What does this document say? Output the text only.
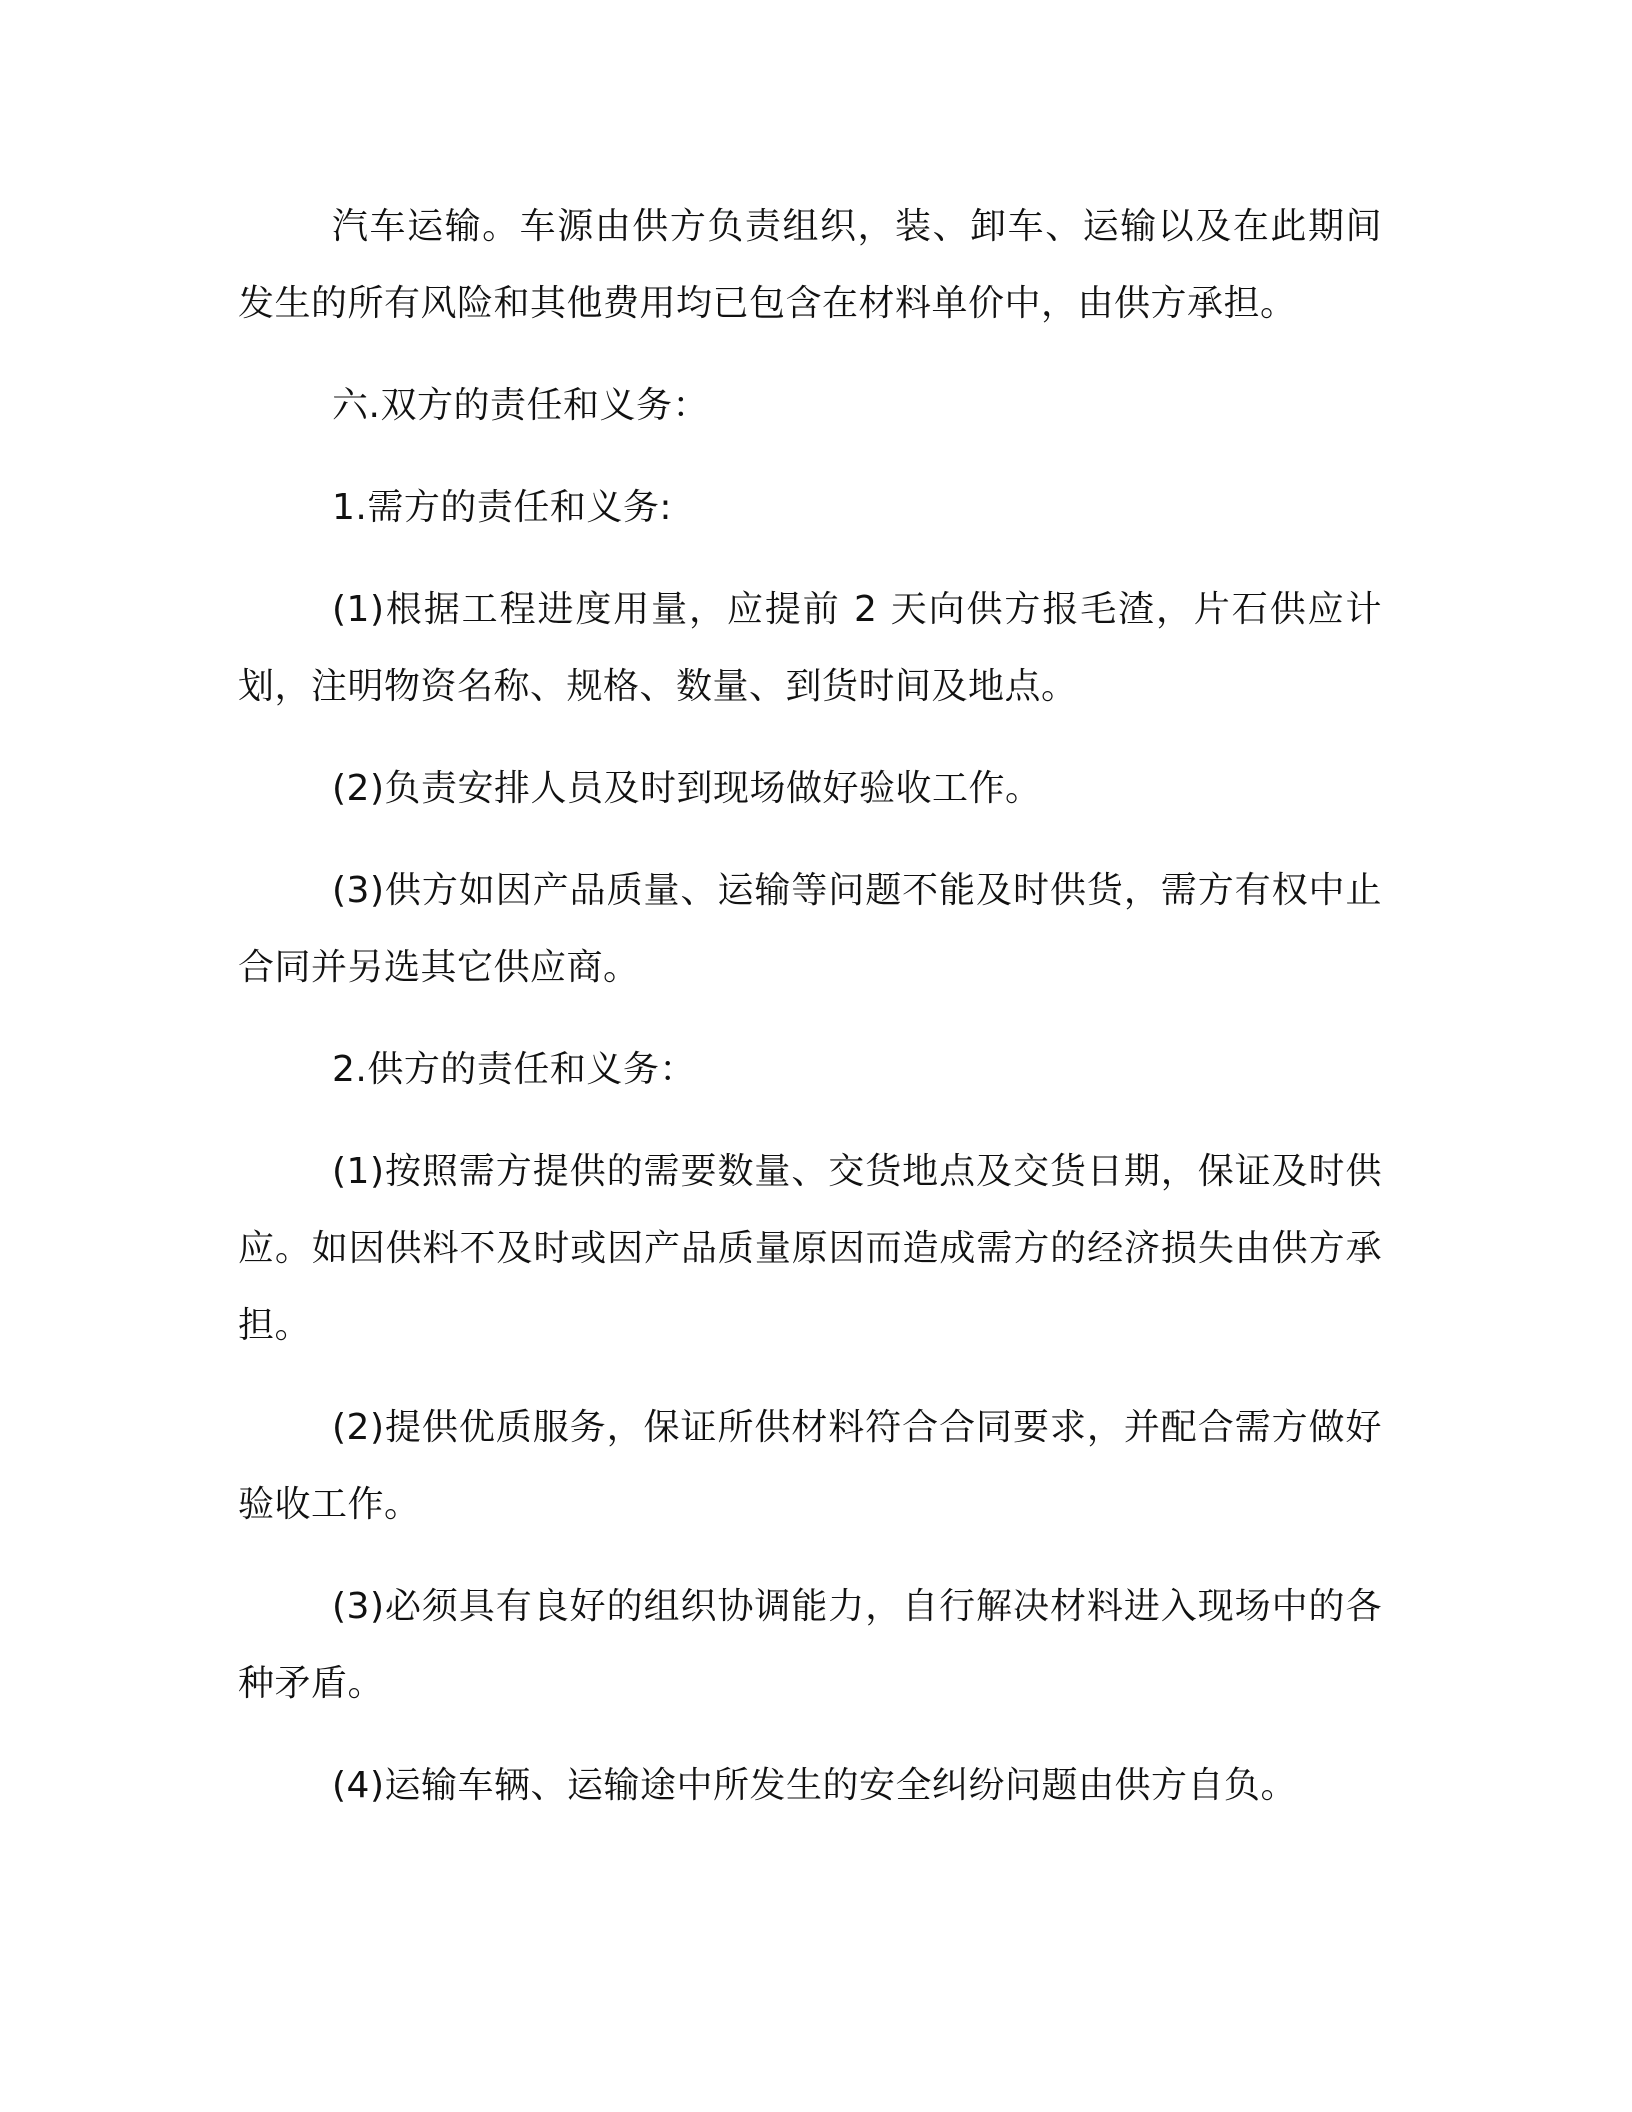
汽车运输。车源由供方负责组织，装、卸车、运输以及在此期间发生的所有风险和其他费用均已包含在材料单价中，由供方承担。

六.双方的责任和义务：

1.需方的责任和义务:

(1)根据工程进度用量，应提前 2 天向供方报毛渣，片石供应计划，注明物资名称、规格、数量、到货时间及地点。

(2)负责安排人员及时到现场做好验收工作。

(3)供方如因产品质量、运输等问题不能及时供货，需方有权中止合同并另选其它供应商。

2.供方的责任和义务：

(1)按照需方提供的需要数量、交货地点及交货日期，保证及时供应。如因供料不及时或因产品质量原因而造成需方的经济损失由供方承担。

(2)提供优质服务，保证所供材料符合合同要求，并配合需方做好验收工作。

(3)必须具有良好的组织协调能力，自行解决材料进入现场中的各种矛盾。

(4)运输车辆、运输途中所发生的安全纠纷问题由供方自负。
